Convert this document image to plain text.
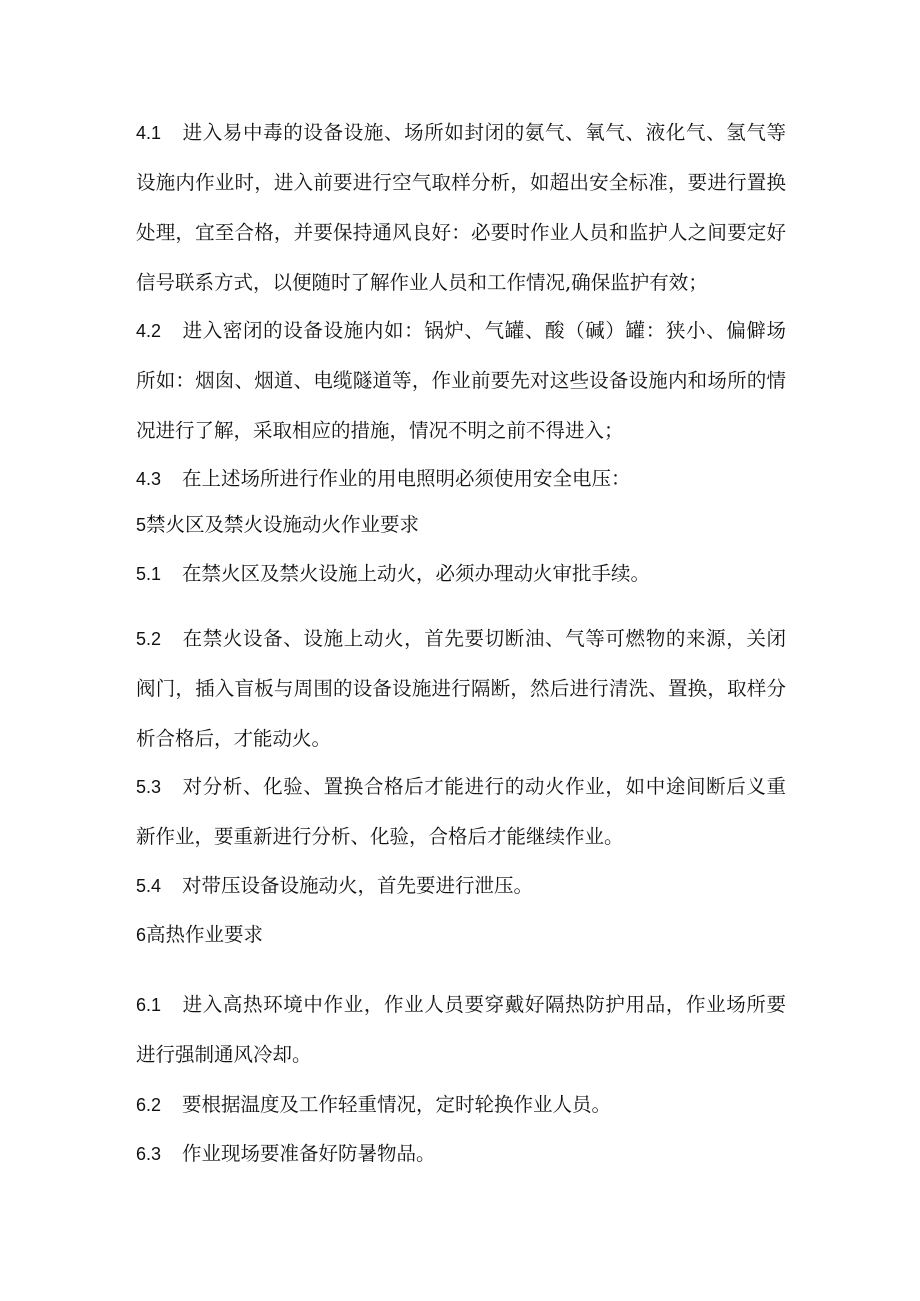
4.1 进入易中毒的设备设施、场所如封闭的氨气、氧气、液化气、氢气等设施内作业时，进入前要进行空气取样分析，如超出安全标准，要进行置换处理，宜至合格，并要保持通风良好：必要时作业人员和监护人之间要定好信号联系方式，以便随时了解作业人员和工作情况,确保监护有效；

4.2 进入密闭的设备设施内如：锅炉、气罐、酸（碱）罐：狭小、偏僻场所如：烟囱、烟道、电缆隧道等，作业前要先对这些设备设施内和场所的情况进行了解，采取相应的措施，情况不明之前不得进入；

4.3 在上述场所进行作业的用电照明必须使用安全电压：

5禁火区及禁火设施动火作业要求

5.1 在禁火区及禁火设施上动火，必须办理动火审批手续。

5.2 在禁火设备、设施上动火，首先要切断油、气等可燃物的来源，关闭阀门，插入盲板与周围的设备设施进行隔断，然后进行清洗、置换，取样分析合格后，才能动火。

5.3 对分析、化验、置换合格后才能进行的动火作业，如中途间断后义重新作业，要重新进行分析、化验，合格后才能继续作业。

5.4 对带压设备设施动火，首先要进行泄压。

6高热作业要求

6.1 进入高热环境中作业，作业人员要穿戴好隔热防护用品，作业场所要进行强制通风冷却。

6.2 要根据温度及工作轻重情况，定时轮换作业人员。

6.3 作业现场要准备好防暑物品。
